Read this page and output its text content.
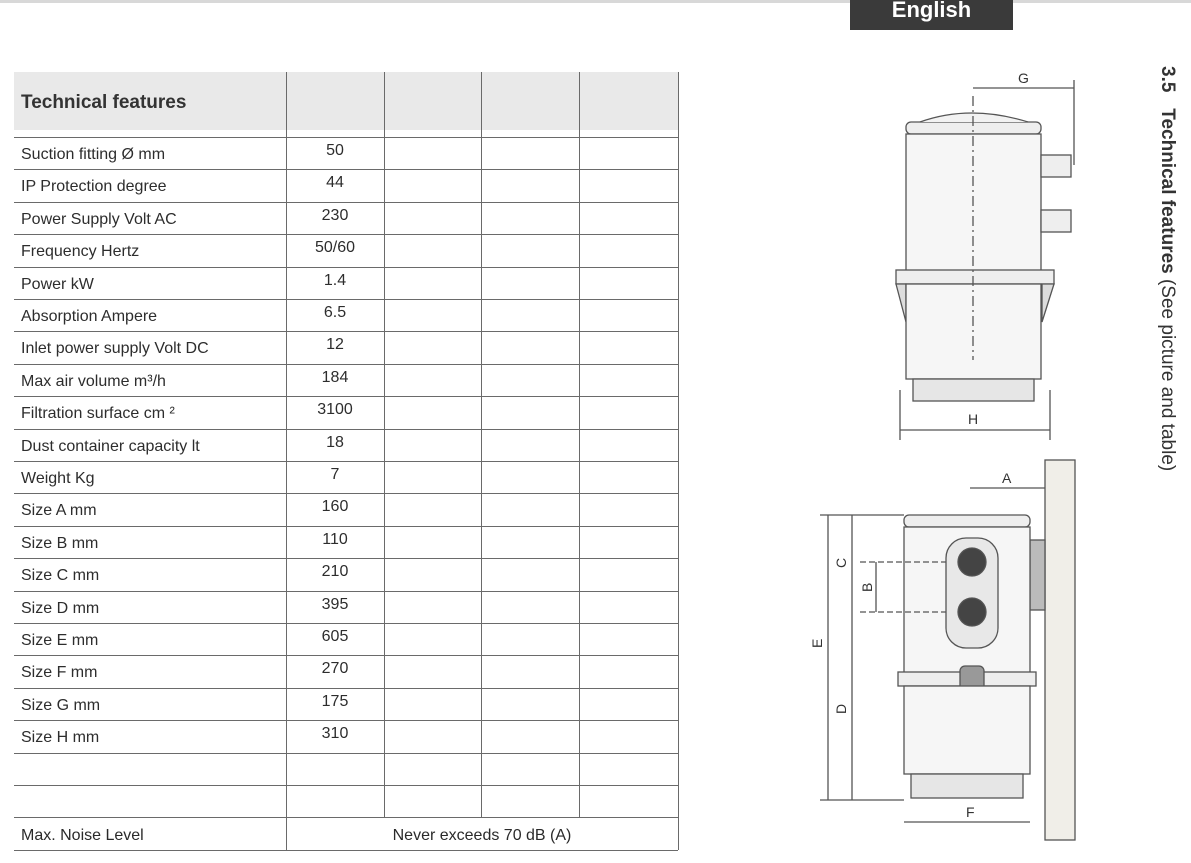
English
3.5   Technical features (See picture and table)
Technical features
Suction fitting Ø mm	50
IP Protection degree	44
Power Supply Volt AC	230
Frequency Hertz	50/60
Power kW	1.4
Absorption Ampere	6.5
Inlet power supply Volt DC	12
Max air volume m³/h	184
Filtration surface cm ²	3100
Dust container capacity lt	18
Weight Kg	7
Size A mm	160
Size B mm	110
Size C mm	210
Size D mm	395
Size E mm	605
Size F mm	270
Size G mm	175
Size H mm	310
Max. Noise Level	Never exceeds 70 dB (A)
G
H
A
C
B
E
D
F
